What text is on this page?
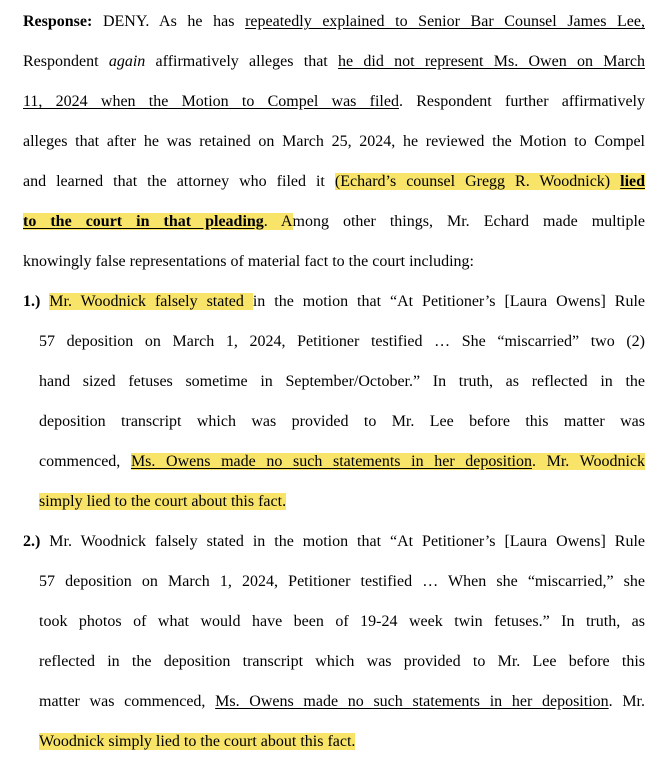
Response: DENY. As he has repeatedly explained to Senior Bar Counsel James Lee,
Respondent again affirmatively alleges that he did not represent Ms. Owen on March
11, 2024 when the Motion to Compel was filed. Respondent further affirmatively
alleges that after he was retained on March 25, 2024, he reviewed the Motion to Compel
and learned that the attorney who filed it (Echard’s counsel Gregg R. Woodnick) lied
to the court in that pleading. Among other things, Mr. Echard made multiple
knowingly false representations of material fact to the court including:
1.) Mr. Woodnick falsely stated in the motion that “At Petitioner’s [Laura Owens] Rule
57 deposition on March 1, 2024, Petitioner testified … She “miscarried” two (2)
hand sized fetuses sometime in September/October.” In truth, as reflected in the
deposition transcript which was provided to Mr. Lee before this matter was
commenced, Ms. Owens made no such statements in her deposition. Mr. Woodnick
simply lied to the court about this fact.
2.) Mr. Woodnick falsely stated in the motion that “At Petitioner’s [Laura Owens] Rule
57 deposition on March 1, 2024, Petitioner testified … When she “miscarried,” she
took photos of what would have been of 19-24 week twin fetuses.” In truth, as
reflected in the deposition transcript which was provided to Mr. Lee before this
matter was commenced, Ms. Owens made no such statements in her deposition. Mr.
Woodnick simply lied to the court about this fact.
